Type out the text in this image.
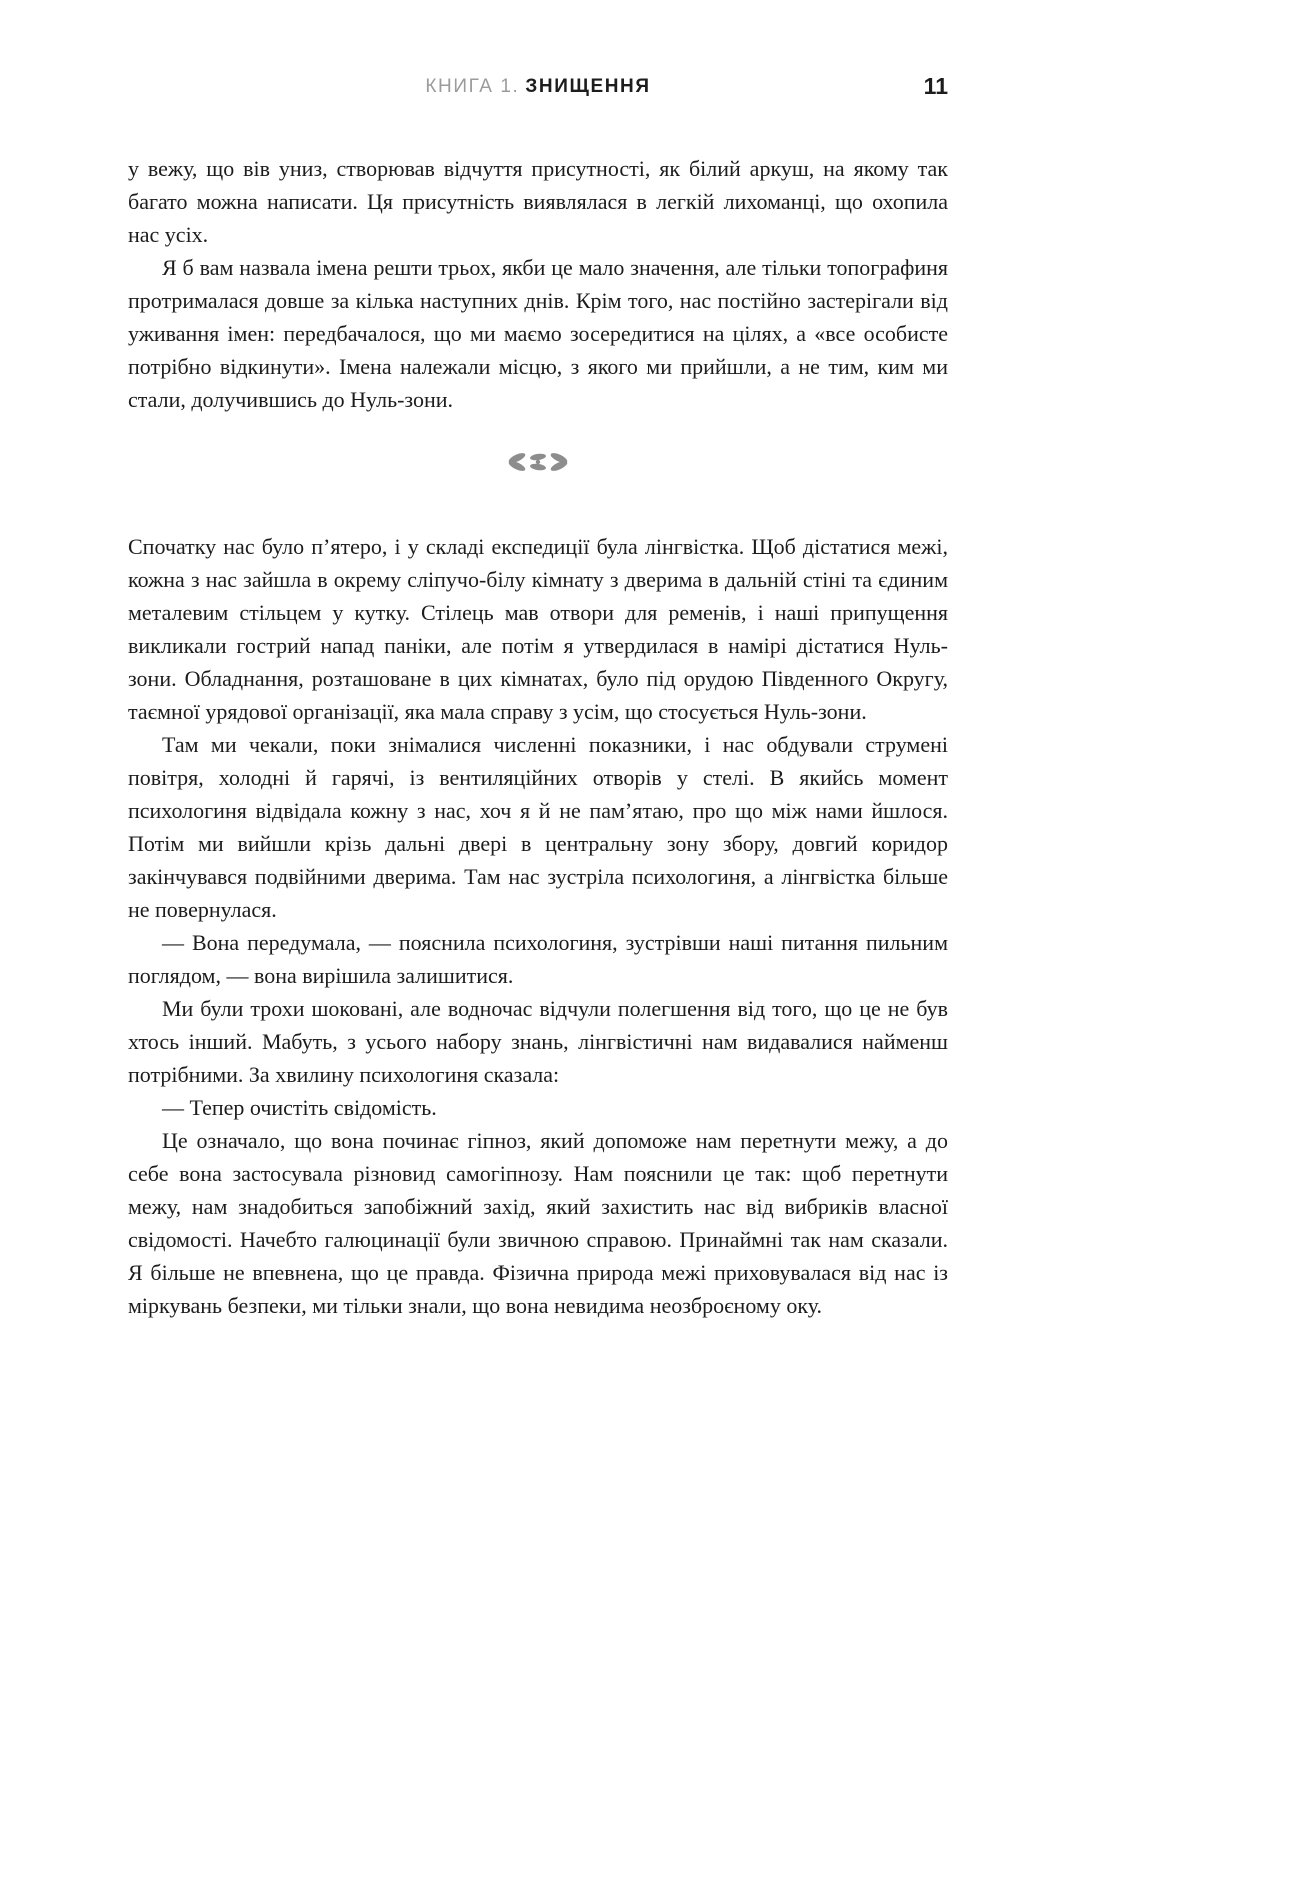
КНИГА 1. ЗНИЩЕННЯ	11

у вежу, що вів униз, створював відчуття присутності, як білий аркуш, на якому так багато можна написати. Ця присутність виявлялася в легкій лихоманці, що охопила нас усіх.

Я б вам назвала імена решти трьох, якби це мало значення, але тільки топографиня протрималася довше за кілька наступних днів. Крім того, нас постійно застерігали від уживання імен: передбачалося, що ми маємо зосередитися на цілях, а «все особисте потрібно відкинути». Імена належали місцю, з якого ми прийшли, а не тим, ким ми стали, долучившись до Нуль-зони.

Спочатку нас було п’ятеро, і у складі експедиції була лінгвістка. Щоб дістатися межі, кожна з нас зайшла в окрему сліпучо-білу кімнату з дверима в дальній стіні та єдиним металевим стільцем у кутку. Стілець мав отвори для ременів, і наші припущення викликали гострий напад паніки, але потім я утвердилася в намірі дістатися Нуль-зони. Обладнання, розташоване в цих кімнатах, було під орудою Південного Округу, таємної урядової організації, яка мала справу з усім, що стосується Нуль-зони.

Там ми чекали, поки знімалися численні показники, і нас обдували струмені повітря, холодні й гарячі, із вентиляційних отворів у стелі. В якийсь момент психологиня відвідала кожну з нас, хоч я й не пам’ятаю, про що між нами йшлося. Потім ми вийшли крізь дальні двері в центральну зону збору, довгий коридор закінчувався подвійними дверима. Там нас зустріла психологиня, а лінгвістка більше не повернулася.

— Вона передумала, — пояснила психологиня, зустрівши наші питання пильним поглядом, — вона вирішила залишитися.

Ми були трохи шоковані, але водночас відчули полегшення від того, що це не був хтось інший. Мабуть, з усього набору знань, лінгвістичні нам видавалися найменш потрібними. За хвилину психологиня сказала:

— Тепер очистіть свідомість.

Це означало, що вона починає гіпноз, який допоможе нам перетнути межу, а до себе вона застосувала різновид самогіпнозу. Нам пояснили це так: щоб перетнути межу, нам знадобиться запобіжний захід, який захистить нас від вибриків власної свідомості. Начебто галюцинації були звичною справою. Принаймні так нам сказали. Я більше не впевнена, що це правда. Фізична природа межі приховувалася від нас із міркувань безпеки, ми тільки знали, що вона невидима неозброєному оку.
